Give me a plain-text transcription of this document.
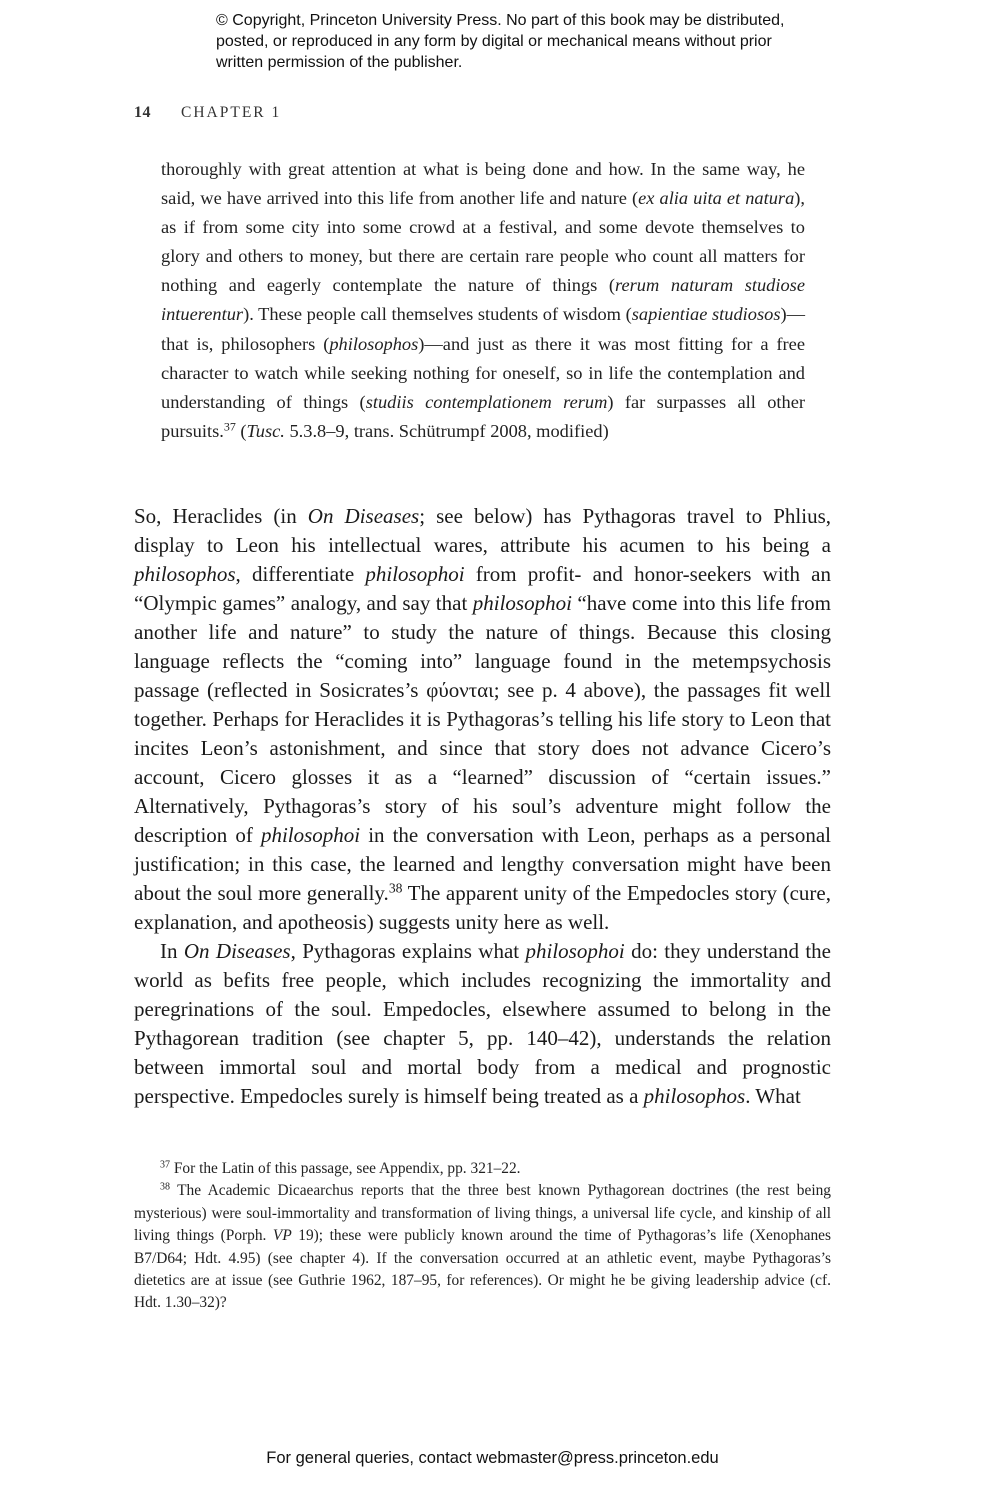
© Copyright, Princeton University Press. No part of this book may be distributed, posted, or reproduced in any form by digital or mechanical means without prior written permission of the publisher.
14 CHAPTER 1
thoroughly with great attention at what is being done and how. In the same way, he said, we have arrived into this life from another life and nature (ex alia uita et natura), as if from some city into some crowd at a festival, and some devote themselves to glory and others to money, but there are certain rare people who count all matters for nothing and eagerly contemplate the nature of things (rerum naturam studiose intuerentur). These people call themselves students of wisdom (sapientiae studiosos)—that is, philosophers (philosophos)—and just as there it was most fitting for a free character to watch while seeking nothing for oneself, so in life the contemplation and understanding of things (studiis contemplationem rerum) far surpasses all other pursuits.$^{37}$ (Tusc. 5.3.8–9, trans. Schütrumpf 2008, modified)

So, Heraclides (in On Diseases; see below) has Pythagoras travel to Phlius, display to Leon his intellectual wares, attribute his acumen to his being a philosophos, differentiate philosophoi from profit- and honor-seekers with an “Olympic games” analogy, and say that philosophoi “have come into this life from another life and nature” to study the nature of things. Because this closing language reflects the “coming into” language found in the metempsychosis passage (reflected in Sosicrates’s φύονται; see p. 4 above), the passages fit well together. Perhaps for Heraclides it is Pythagoras’s telling his life story to Leon that incites Leon’s astonishment, and since that story does not advance Cicero’s account, Cicero glosses it as a “learned” discussion of “certain issues.” Alternatively, Pythagoras’s story of his soul’s adventure might follow the description of philosophoi in the conversation with Leon, perhaps as a personal justification; in this case, the learned and lengthy conversation might have been about the soul more generally.$^{38}$ The apparent unity of the Empedocles story (cure, explanation, and apotheosis) suggests unity here as well.

In On Diseases, Pythagoras explains what philosophoi do: they understand the world as befits free people, which includes recognizing the immortality and peregrinations of the soul. Empedocles, elsewhere assumed to belong in the Pythagorean tradition (see chapter 5, pp. 140–42), understands the relation between immortal soul and mortal body from a medical and prognostic perspective. Empedocles surely is himself being treated as a philosophos. What

$^{37}$ For the Latin of this passage, see Appendix, pp. 321–22.

$^{38}$ The Academic Dicaearchus reports that the three best known Pythagorean doctrines (the rest being mysterious) were soul-immortality and transformation of living things, a universal life cycle, and kinship of all living things (Porph. VP 19); these were publicly known around the time of Pythagoras’s life (Xenophanes B7/D64; Hdt. 4.95) (see chapter 4). If the conversation occurred at an athletic event, maybe Pythagoras’s dietetics are at issue (see Guthrie 1962, 187–95, for references). Or might he be giving leadership advice (cf. Hdt. 1.30–32)?

For general queries, contact webmaster@press.princeton.edu
